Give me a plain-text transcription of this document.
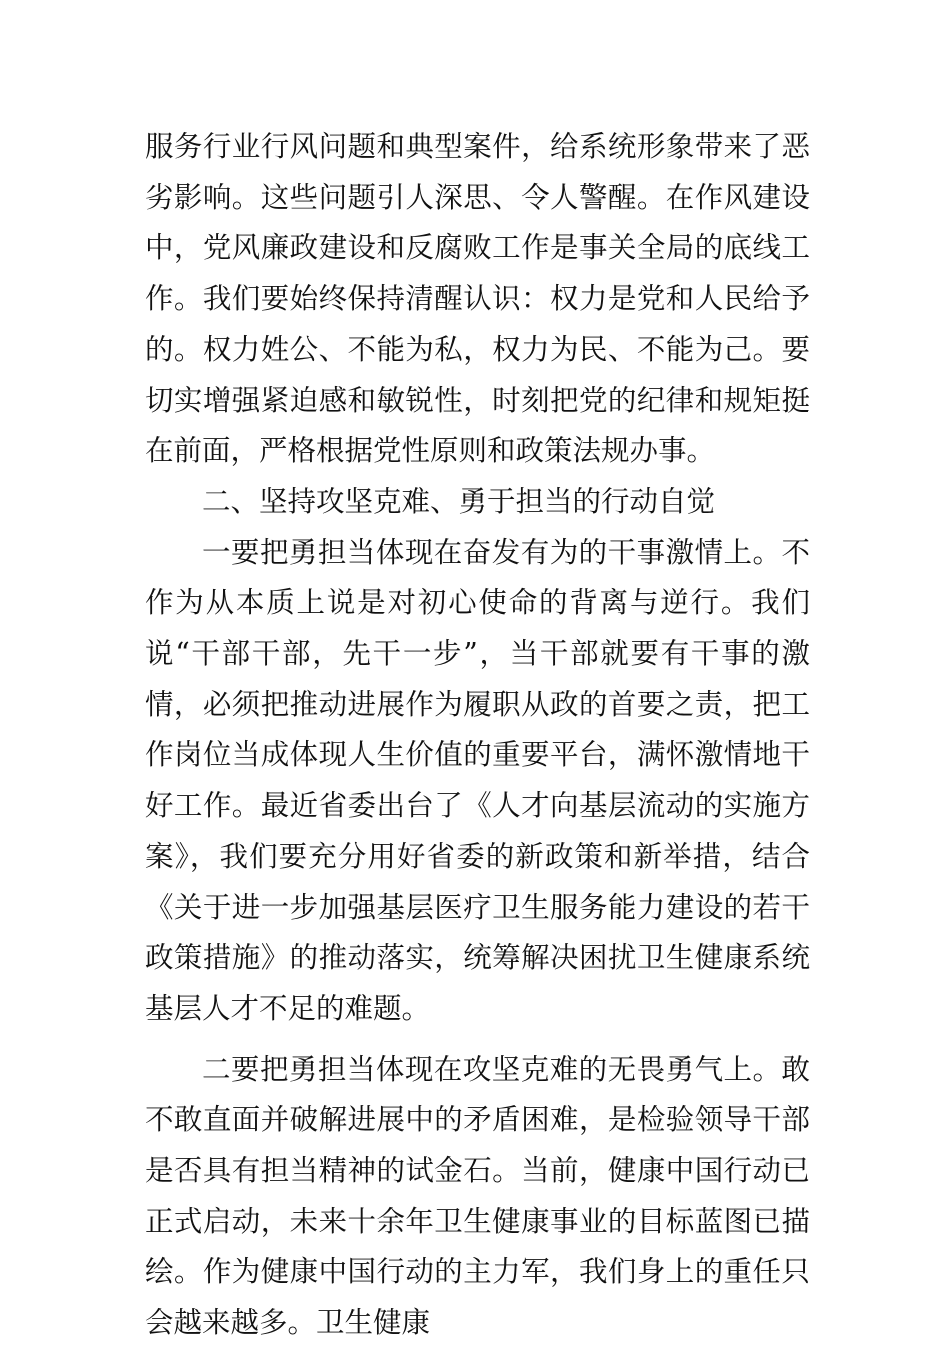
服务行业行风问题和典型案件，给系统形象带来了恶劣影响。这些问题引人深思、令人警醒。在作风建设中，党风廉政建设和反腐败工作是事关全局的底线工作。我们要始终保持清醒认识：权力是党和人民给予的。权力姓公、不能为私，权力为民、不能为己。要切实增强紧迫感和敏锐性，时刻把党的纪律和规矩挺在前面，严格根据党性原则和政策法规办事。

二、坚持攻坚克难、勇于担当的行动自觉

一要把勇担当体现在奋发有为的干事激情上。不作为从本质上说是对初心使命的背离与逆行。我们说“干部干部，先干一步”，当干部就要有干事的激情，必须把推动进展作为履职从政的首要之责，把工作岗位当成体现人生价值的重要平台，满怀激情地干好工作。最近省委出台了《人才向基层流动的实施方案》，我们要充分用好省委的新政策和新举措，结合《关于进一步加强基层医疗卫生服务能力建设的若干政策措施》的推动落实，统筹解决困扰卫生健康系统基层人才不足的难题。

二要把勇担当体现在攻坚克难的无畏勇气上。敢不敢直面并破解进展中的矛盾困难，是检验领导干部是否具有担当精神的试金石。当前，健康中国行动已正式启动，未来十余年卫生健康事业的目标蓝图已描绘。作为健康中国行动的主力军，我们身上的重任只会越来越多。卫生健康
